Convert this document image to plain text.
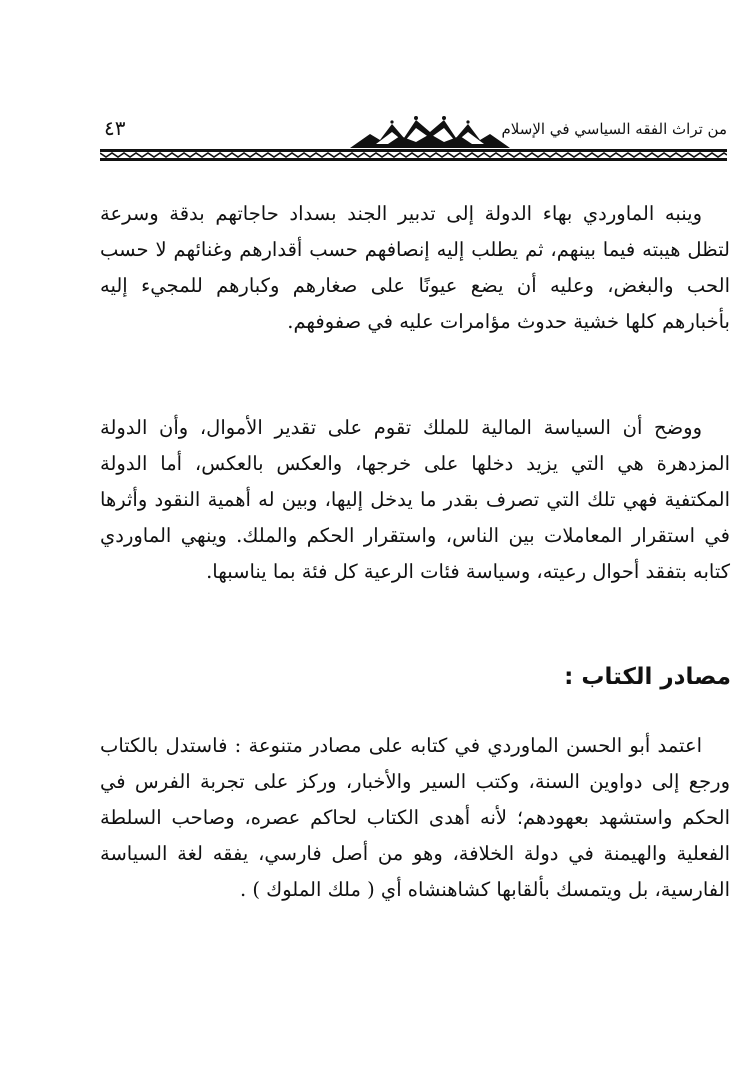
من تراث الفقه السياسي في الإسلام
٤٣

وينبه الماوردي بهاء الدولة إلى تدبير الجند بسداد حاجاتهم بدقة وسرعة لتظل هيبته فيما بينهم، ثم يطلب إليه إنصافهم حسب أقدارهم وغنائهم لا حسب الحب والبغض، وعليه أن يضع عيونًا على صغارهم وكبارهم للمجيء إليه بأخبارهم كلها خشية حدوث مؤامرات عليه في صفوفهم.

ووضح أن السياسة المالية للملك تقوم على تقدير الأموال، وأن الدولة المزدهرة هي التي يزيد دخلها على خرجها، والعكس بالعكس، أما الدولة المكتفية فهي تلك التي تصرف بقدر ما يدخل إليها، وبين له أهمية النقود وأثرها في استقرار المعاملات بين الناس، واستقرار الحكم والملك. وينهي الماوردي كتابه بتفقد أحوال رعيته، وسياسة فئات الرعية كل فئة بما يناسبها.

مصادر الكتاب :

اعتمد أبو الحسن الماوردي في كتابه على مصادر متنوعة : فاستدل بالكتاب ورجع إلى دواوين السنة، وكتب السير والأخبار، وركز على تجربة الفرس في الحكم واستشهد بعهودهم؛ لأنه أهدى الكتاب لحاكم عصره، وصاحب السلطة الفعلية والهيمنة في دولة الخلافة، وهو من أصل فارسي، يفقه لغة السياسة الفارسية، بل ويتمسك بألقابها كشاهنشاه أي ( ملك الملوك ) .
